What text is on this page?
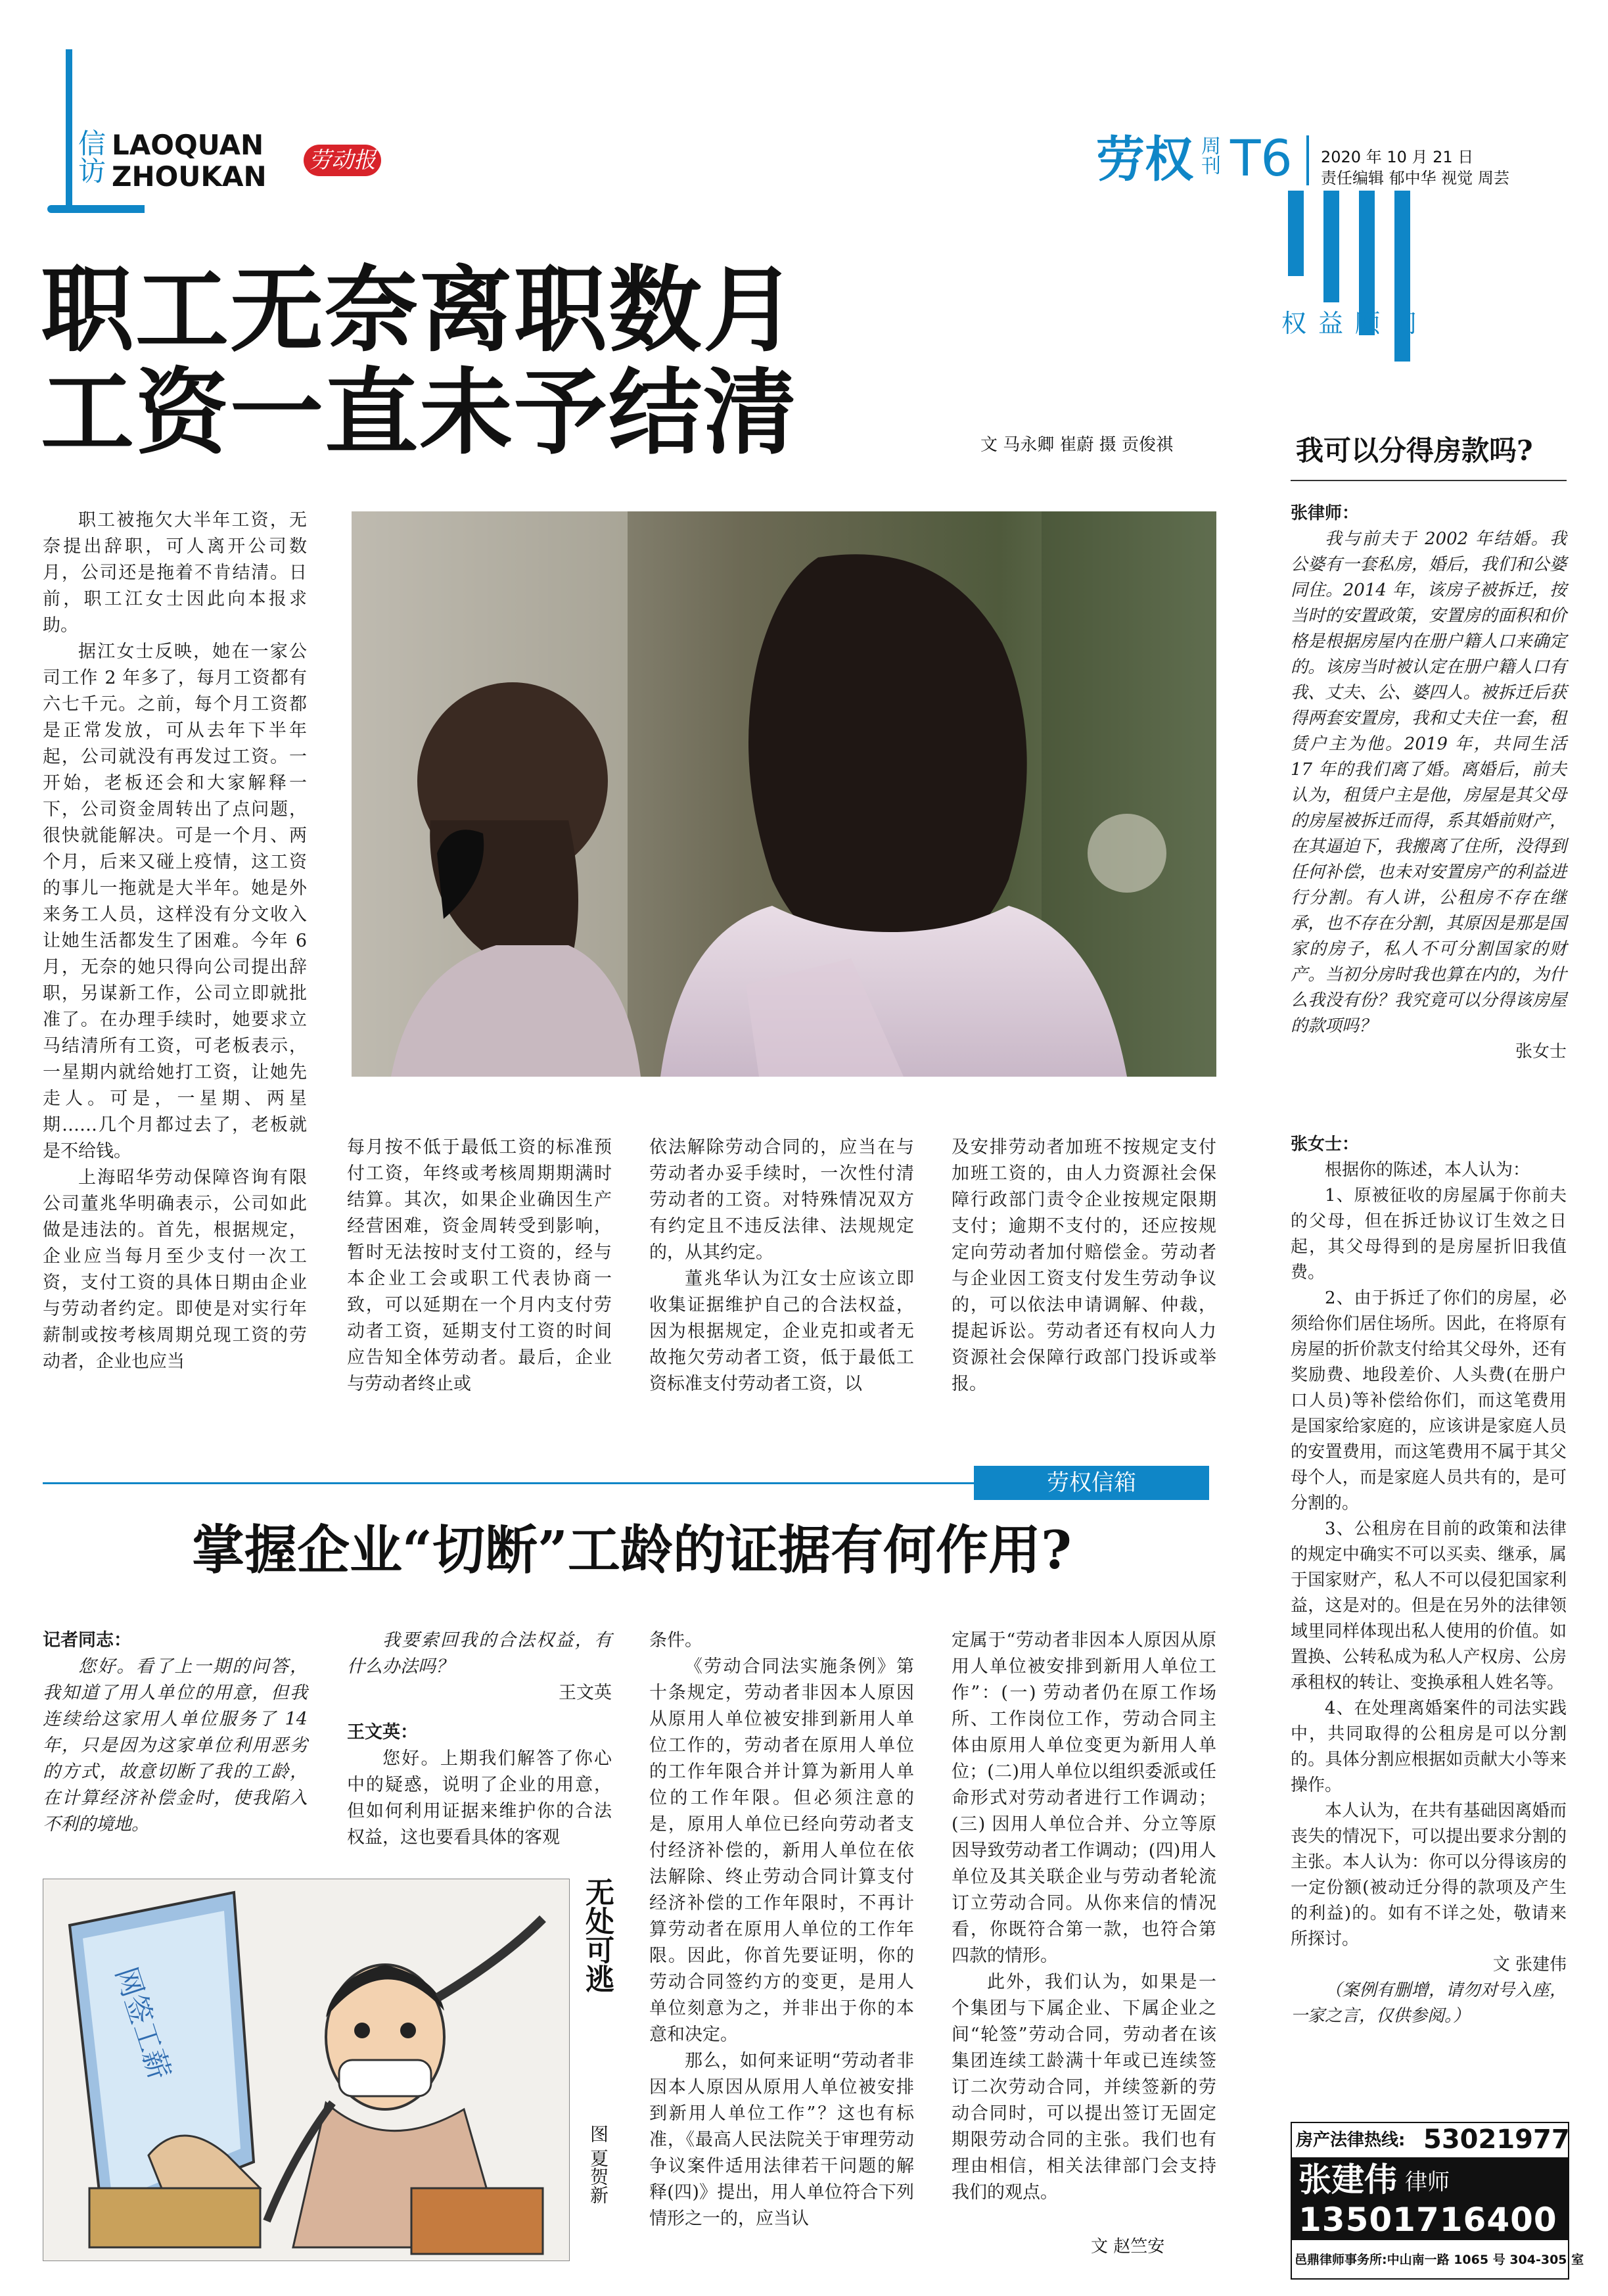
信访 LAOQUAN
ZHOUKAN 劳动报	劳权 周刊 T6 2020 年 10 月 21 日
责任编辑 郁中华 视觉 周芸
权益顾问
职工无奈离职数月
工资一直未予结清	文 马永卿 崔蔚 摄 贡俊祺

职工被拖欠大半年工资，无奈提出辞职，可人离开公司数月，公司还是拖着不肯结清。日前，职工江女士因此向本报求助。

据江女士反映，她在一家公司工作 2 年多了，每月工资都有六七千元。之前，每个月工资都是正常发放，可从去年下半年起，公司就没有再发过工资。一开始，老板还会和大家解释一下，公司资金周转出了点问题，很快就能解决。可是一个月、两个月，后来又碰上疫情，这工资的事儿一拖就是大半年。她是外来务工人员，这样没有分文收入让她生活都发生了困难。今年 6 月，无奈的她只得向公司提出辞职，另谋新工作，公司立即就批准了。在办理手续时，她要求立马结清所有工资，可老板表示，一星期内就给她打工资，让她先走人。可是，一星期、两星期……几个月都过去了，老板就是不给钱。

上海昭华劳动保障咨询有限公司董兆华明确表示，公司如此做是违法的。首先，根据规定，企业应当每月至少支付一次工资，支付工资的具体日期由企业与劳动者约定。即使是对实行年薪制或按考核周期兑现工资的劳动者，企业也应当

每月按不低于最低工资的标准预付工资，年终或考核周期期满时结算。其次，如果企业确因生产经营困难，资金周转受到影响，暂时无法按时支付工资的，经与本企业工会或职工代表协商一致，可以延期在一个月内支付劳动者工资，延期支付工资的时间应告知全体劳动者。最后，企业与劳动者终止或

依法解除劳动合同的，应当在与劳动者办妥手续时，一次性付清劳动者的工资。对特殊情况双方有约定且不违反法律、法规规定的，从其约定。

董兆华认为江女士应该立即收集证据维护自己的合法权益，因为根据规定，企业克扣或者无故拖欠劳动者工资，低于最低工资标准支付劳动者工资，以

及安排劳动者加班不按规定支付加班工资的，由人力资源社会保障行政部门责令企业按规定限期支付；逾期不支付的，还应按规定向劳动者加付赔偿金。劳动者与企业因工资支付发生劳动争议的，可以依法申请调解、仲裁，提起诉讼。劳动者还有权向人力资源社会保障行政部门投诉或举报。

劳权信箱
掌握企业“切断”工龄的证据有何作用?

记者同志：

您好。看了上一期的问答，我知道了用人单位的用意，但我连续给这家用人单位服务了 14 年，只是因为这家单位利用恶劣的方式，故意切断了我的工龄，在计算经济补偿金时，使我陷入不利的境地。

我要索回我的合法权益，有什么办法吗？

王文英

王文英：

您好。上期我们解答了你心中的疑惑，说明了企业的用意，但如何利用证据来维护你的合法权益，这也要看具体的客观

网签工薪
无处可逃
图 夏贺新

条件。

《劳动合同法实施条例》第十条规定，劳动者非因本人原因从原用人单位被安排到新用人单位工作的，劳动者在原用人单位的工作年限合并计算为新用人单位的工作年限。但必须注意的是，原用人单位已经向劳动者支付经济补偿的，新用人单位在依法解除、终止劳动合同计算支付经济补偿的工作年限时，不再计算劳动者在原用人单位的工作年限。因此，你首先要证明，你的劳动合同签约方的变更，是用人单位刻意为之，并非出于你的本意和决定。

那么，如何来证明“劳动者非因本人原因从原用人单位被安排到新用人单位工作”？这也有标准，《最高人民法院关于审理劳动争议案件适用法律若干问题的解释(四)》提出，用人单位符合下列情形之一的，应当认

定属于“劳动者非因本人原因从原用人单位被安排到新用人单位工作”：(一) 劳动者仍在原工作场所、工作岗位工作，劳动合同主体由原用人单位变更为新用人单位；(二)用人单位以组织委派或任命形式对劳动者进行工作调动；(三) 因用人单位合并、分立等原因导致劳动者工作调动；(四)用人单位及其关联企业与劳动者轮流订立劳动合同。从你来信的情况看，你既符合第一款，也符合第四款的情形。

此外，我们认为，如果是一个集团与下属企业、下属企业之间“轮签”劳动合同，劳动者在该集团连续工龄满十年或已连续签订二次劳动合同，并续签新的劳动合同时，可以提出签订无固定期限劳动合同的主张。我们也有理由相信，相关法律部门会支持我们的观点。

文 赵竺安
我可以分得房款吗?

张律师：

我与前夫于 2002 年结婚。我公婆有一套私房，婚后，我们和公婆同住。2014 年，该房子被拆迁，按当时的安置政策，安置房的面积和价格是根据房屋内在册户籍人口来确定的。该房当时被认定在册户籍人口有我、丈夫、公、婆四人。被拆迁后获得两套安置房，我和丈夫住一套，租赁户主为他。2019 年，共同生活 17 年的我们离了婚。离婚后，前夫认为，租赁户主是他，房屋是其父母的房屋被拆迁而得，系其婚前财产，在其逼迫下，我搬离了住所，没得到任何补偿，也未对安置房产的利益进行分割。有人讲，公租房不存在继承，也不存在分割，其原因是那是国家的房子，私人不可分割国家的财产。当初分房时我也算在内的，为什么我没有份？我究竟可以分得该房屋的款项吗？

张女士

张女士：

根据你的陈述，本人认为：

1、原被征收的房屋属于你前夫的父母，但在拆迁协议订生效之日起，其父母得到的是房屋折旧我值费。

2、由于拆迁了你们的房屋，必须给你们居住场所。因此，在将原有房屋的折价款支付给其父母外，还有奖励费、地段差价、人头费(在册户口人员)等补偿给你们，而这笔费用是国家给家庭的，应该讲是家庭人员的安置费用，而这笔费用不属于其父母个人，而是家庭人员共有的，是可分割的。

3、公租房在目前的政策和法律的规定中确实不可以买卖、继承，属于国家财产，私人不可以侵犯国家利益，这是对的。但是在另外的法律领域里同样体现出私人使用的价值。如置换、公转私成为私人产权房、公房承租权的转让、变换承租人姓名等。

4、在处理离婚案件的司法实践中，共同取得的公租房是可以分割的。具体分割应根据如贡献大小等来操作。

本人认为，在共有基础因离婚而丧失的情况下，可以提出要求分割的主张。本人认为：你可以分得该房的一定份额(被动迁分得的款项及产生的利益)的。如有不详之处，敬请来所探讨。

文 张建伟

（案例有删增，请勿对号入座，一家之言，仅供参阅。）

房产法律热线: 53021977
张建伟 律师
13501716400
邑鼎律师事务所:中山南一路 1065 号 304-305 室
